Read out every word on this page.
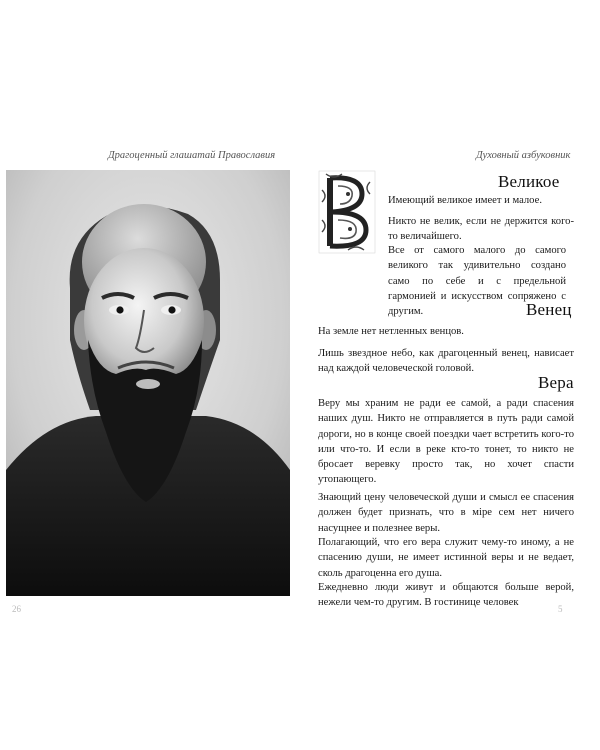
Драгоценный глашатай Православия
26
Духовный азбуковник
Великое

Имеющий великое имеет и малое.

Никто не велик, если не держится кого-то величайшего.

Все от самого малого до самого великого так удивительно создано само по себе и с предельной гармонией и искусством сопряжено с другим.	Венец

На земле нет нетленных венцов.

Лишь звездное небо, как драгоценный венец, нависает над каждой человеческой головой.

Вера

Веру мы храним не ради ее самой, а ради спасения наших душ. Никто не отправляется в путь ради самой дороги, но в конце своей поездки чает встретить кого-то или что-то. И если в реке кто-то тонет, то никто не бросает веревку просто так, но хочет спасти утопающего.

Знающий цену человеческой души и смысл ее спасения должен будет признать, что в міре сем нет ничего насущнее и полезнее веры.

Полагающий, что его вера служит чему-то иному, а не спасению души, не имеет истинной веры и не ведает, сколь драгоценна его душа.

Ежедневно люди живут и общаются больше верой, нежели чем-то другим. В гостинице человек

5
